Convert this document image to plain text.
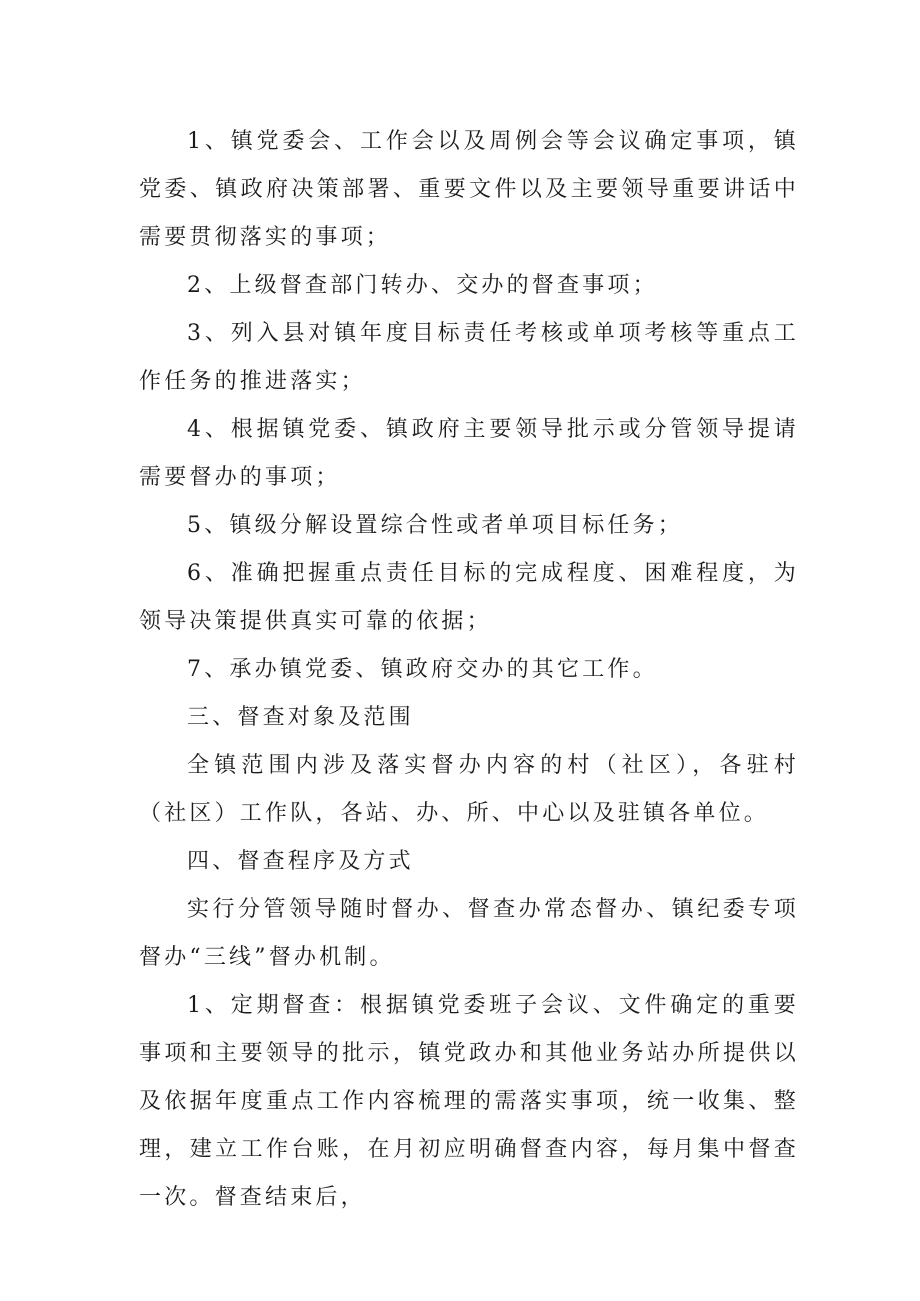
1、镇党委会、工作会以及周例会等会议确定事项，镇党委、镇政府决策部署、重要文件以及主要领导重要讲话中需要贯彻落实的事项；

2、上级督查部门转办、交办的督查事项；

3、列入县对镇年度目标责任考核或单项考核等重点工作任务的推进落实；

4、根据镇党委、镇政府主要领导批示或分管领导提请需要督办的事项；

5、镇级分解设置综合性或者单项目标任务；

6、准确把握重点责任目标的完成程度、困难程度，为领导决策提供真实可靠的依据；

7、承办镇党委、镇政府交办的其它工作。

三、督查对象及范围

全镇范围内涉及落实督办内容的村（社区），各驻村（社区）工作队，各站、办、所、中心以及驻镇各单位。

四、督查程序及方式

实行分管领导随时督办、督查办常态督办、镇纪委专项督办“三线”督办机制。

1、定期督查：根据镇党委班子会议、文件确定的重要事项和主要领导的批示，镇党政办和其他业务站办所提供以及依据年度重点工作内容梳理的需落实事项，统一收集、整理，建立工作台账，在月初应明确督查内容，每月集中督查一次。督查结束后，
